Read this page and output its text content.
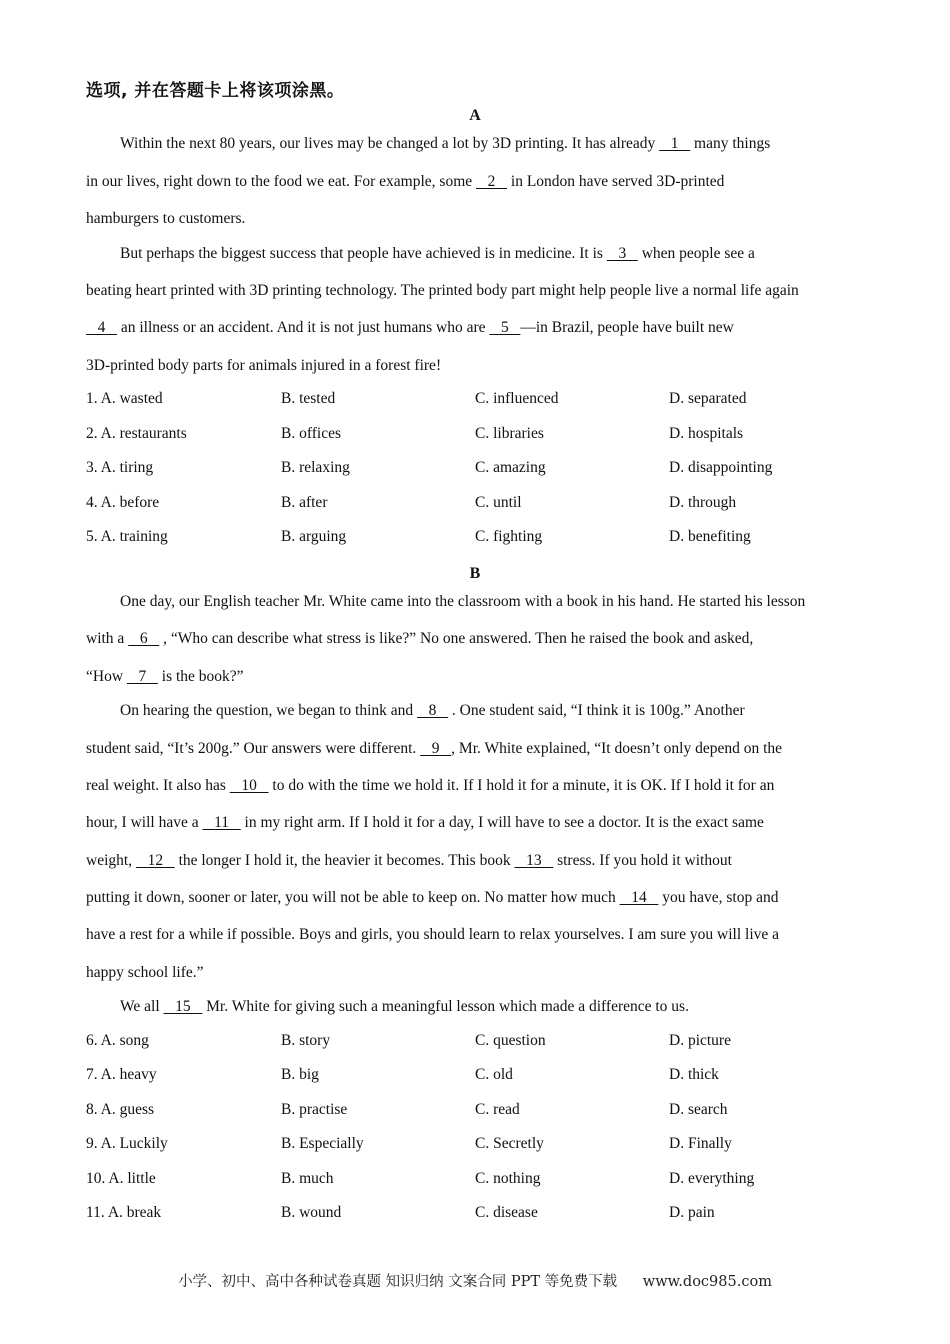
选项, 并在答题卡上将该项涂黑。
A
Within the next 80 years, our lives may be changed a lot by 3D printing. It has already    1    many things
in our lives, right down to the food we eat. For example, some    2    in London have served 3D-printed
hamburgers to customers.
But perhaps the biggest success that people have achieved is in medicine. It is    3    when people see a
beating heart printed with 3D printing technology. The printed body part might help people live a normal life again
4    an illness or an accident. And it is not just humans who are    5   —in Brazil, people have built new
3D-printed body parts for animals injured in a forest fire!
1. A. wasted	B. tested	C. influenced	D. separated
2. A. restaurants	B. offices	C. libraries	D. hospitals
3. A. tiring	B. relaxing	C. amazing	D. disappointing
4. A. before	B. after	C. until	D. through
5. A. training	B. arguing	C. fighting	D. benefiting
B
One day, our English teacher Mr. White came into the classroom with a book in his hand. He started his lesson
with a    6    , “Who can describe what stress is like?” No one answered. Then he raised the book and asked,
“How    7    is the book?”
On hearing the question, we began to think and    8    . One student said, “I think it is 100g.” Another
student said, “It’s 200g.” Our answers were different.    9   , Mr. White explained, “It doesn’t only depend on the
real weight. It also has    10    to do with the time we hold it. If I hold it for a minute, it is OK. If I hold it for an
hour, I will have a    11    in my right arm. If I hold it for a day, I will have to see a doctor. It is the exact same
weight,    12    the longer I hold it, the heavier it becomes. This book    13    stress. If you hold it without
putting it down, sooner or later, you will not be able to keep on. No matter how much    14    you have, stop and
have a rest for a while if possible. Boys and girls, you should learn to relax yourselves. I am sure you will live a
happy school life.”
We all    15    Mr. White for giving such a meaningful lesson which made a difference to us.
6. A. song	B. story	C. question	D. picture
7. A. heavy	B. big	C. old	D. thick
8. A. guess	B. practise	C. read	D. search
9. A. Luckily	B. Especially	C. Secretly	D. Finally
10. A. little	B. much	C. nothing	D. everything
11. A. break	B. wound	C. disease	D. pain
小学、初中、高中各种试卷真题 知识归纳 文案合同 PPT 等免费下载 www.doc985.com
